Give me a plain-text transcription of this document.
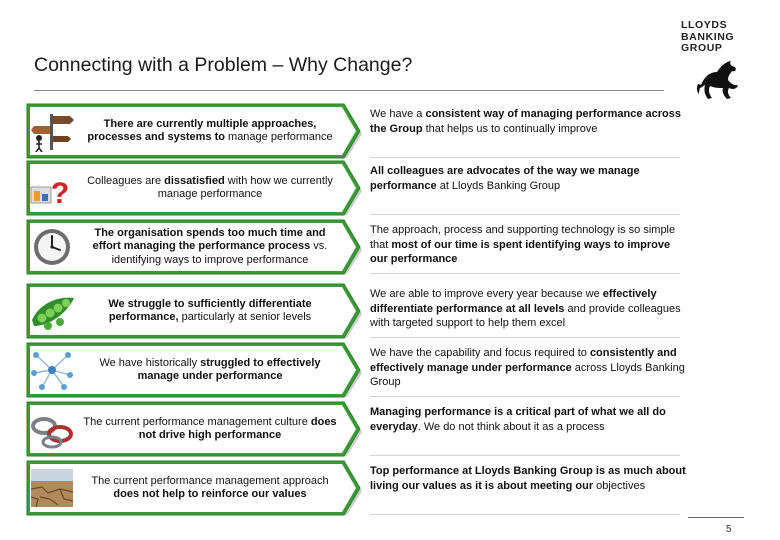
Connecting with a Problem – Why Change?
LLOYDS
BANKING
GROUP
There are currently multiple approaches, processes and systems to manage performance
We have a consistent way of managing performance across the Group that helps us to continually improve
?	Colleagues are dissatisfied with how we currently manage performance
All colleagues are advocates of the way we manage performance at Lloyds Banking Group
The organisation spends too much time and effort managing the performance process vs. identifying ways to improve performance
The approach, process and supporting technology is so simple that most of our time is spent identifying ways to improve our performance
We struggle to sufficiently differentiate performance, particularly at senior levels
We are able to improve every year because we effectively differentiate performance at all levels and provide colleagues with targeted support to help them excel
We have historically struggled to effectively manage under performance
We have the capability and focus required to consistently and effectively manage under performance across Lloyds Banking Group
The current performance management culture does not drive high performance
Managing performance is a critical part of what we all do everyday. We do not think about it as a process
The current performance management approach does not help to reinforce our values
Top performance at Lloyds Banking Group is as much about living our values as it is about meeting our objectives
5
